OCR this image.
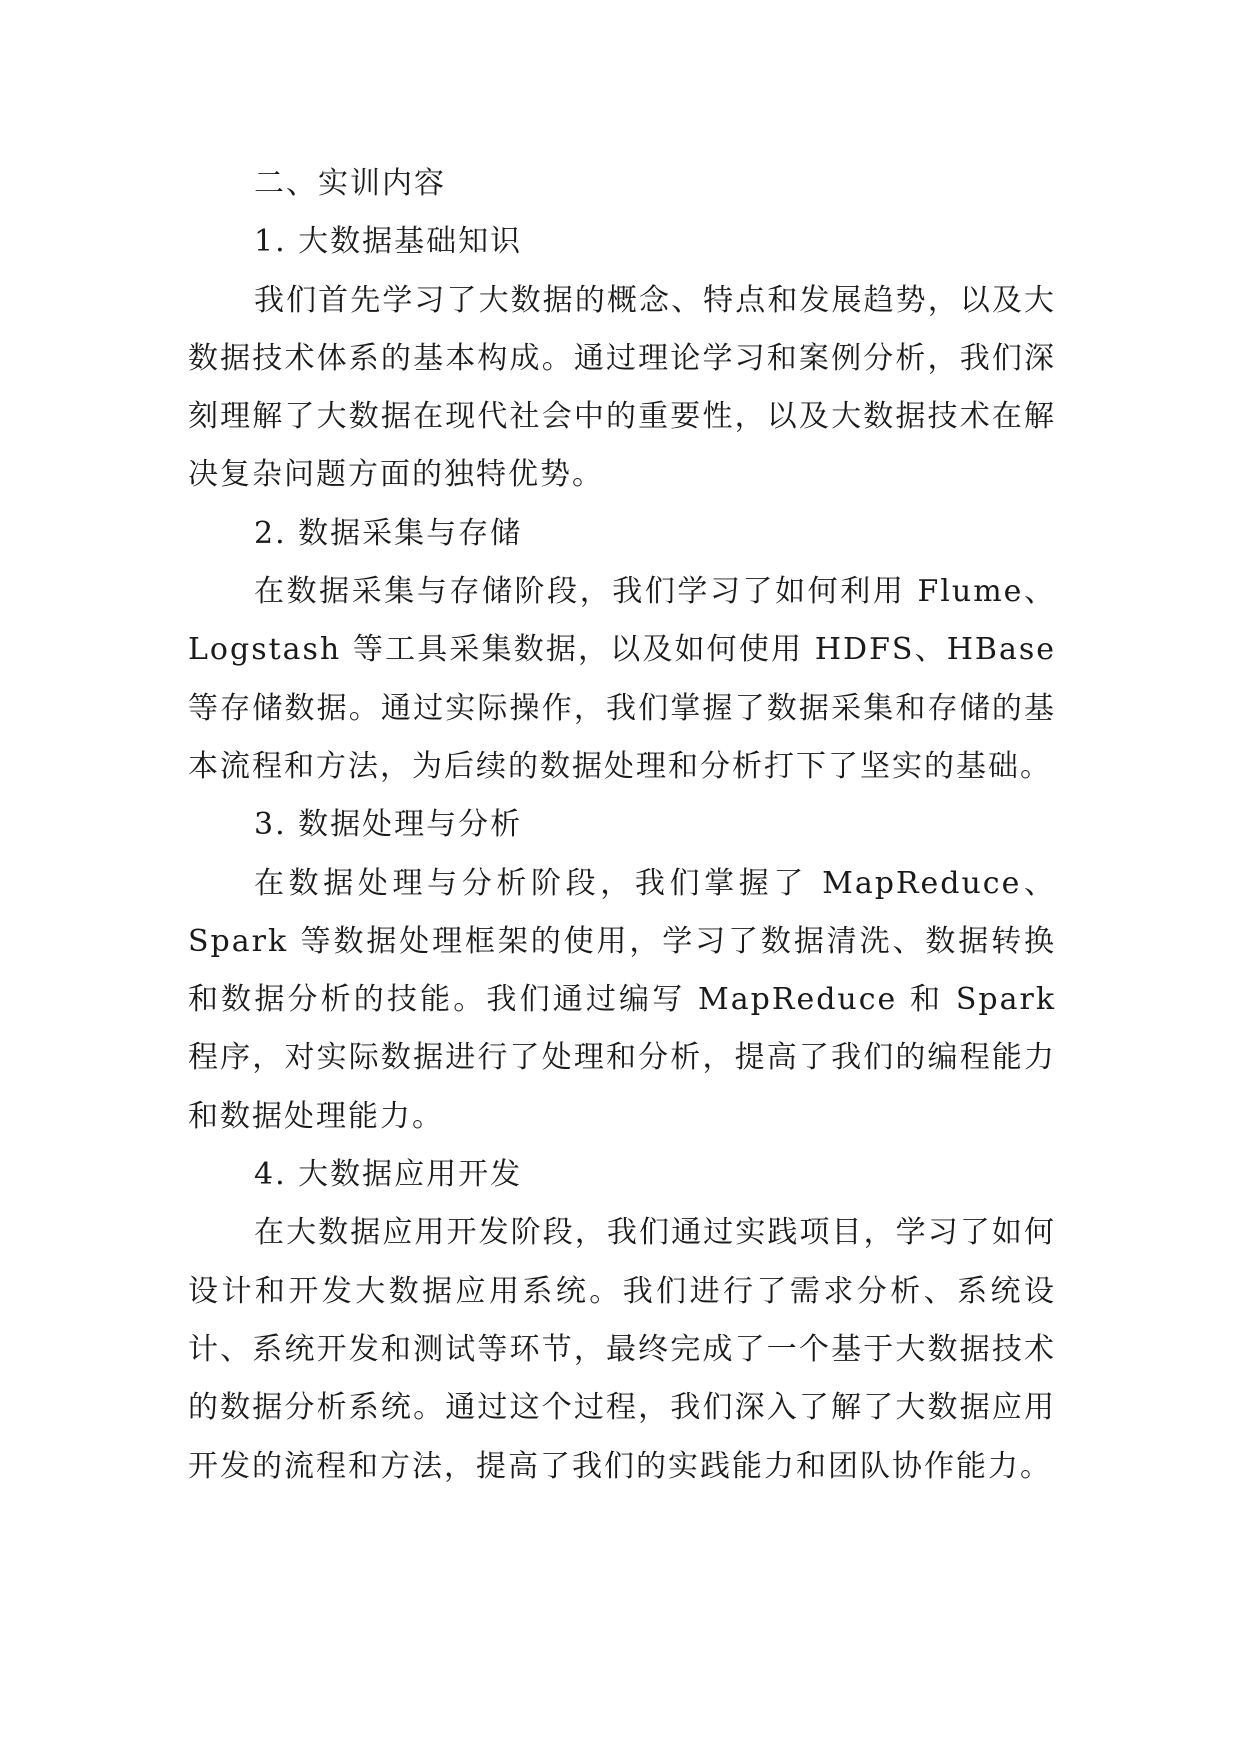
二、实训内容
1. 大数据基础知识

我们首先学习了大数据的概念、特点和发展趋势，以及大数据技术体系的基本构成。通过理论学习和案例分析，我们深刻理解了大数据在现代社会中的重要性，以及大数据技术在解决复杂问题方面的独特优势。

2. 数据采集与存储

在数据采集与存储阶段，我们学习了如何利用 Flume、Logstash 等工具采集数据，以及如何使用 HDFS、HBase 等存储数据。通过实际操作，我们掌握了数据采集和存储的基本流程和方法，为后续的数据处理和分析打下了坚实的基础。

3. 数据处理与分析

在数据处理与分析阶段，我们掌握了 MapReduce、Spark 等数据处理框架的使用，学习了数据清洗、数据转换和数据分析的技能。我们通过编写 MapReduce 和 Spark 程序，对实际数据进行了处理和分析，提高了我们的编程能力和数据处理能力。

4. 大数据应用开发

在大数据应用开发阶段，我们通过实践项目，学习了如何设计和开发大数据应用系统。我们进行了需求分析、系统设计、系统开发和测试等环节，最终完成了一个基于大数据技术的数据分析系统。通过这个过程，我们深入了解了大数据应用开发的流程和方法，提高了我们的实践能力和团队协作能力。
